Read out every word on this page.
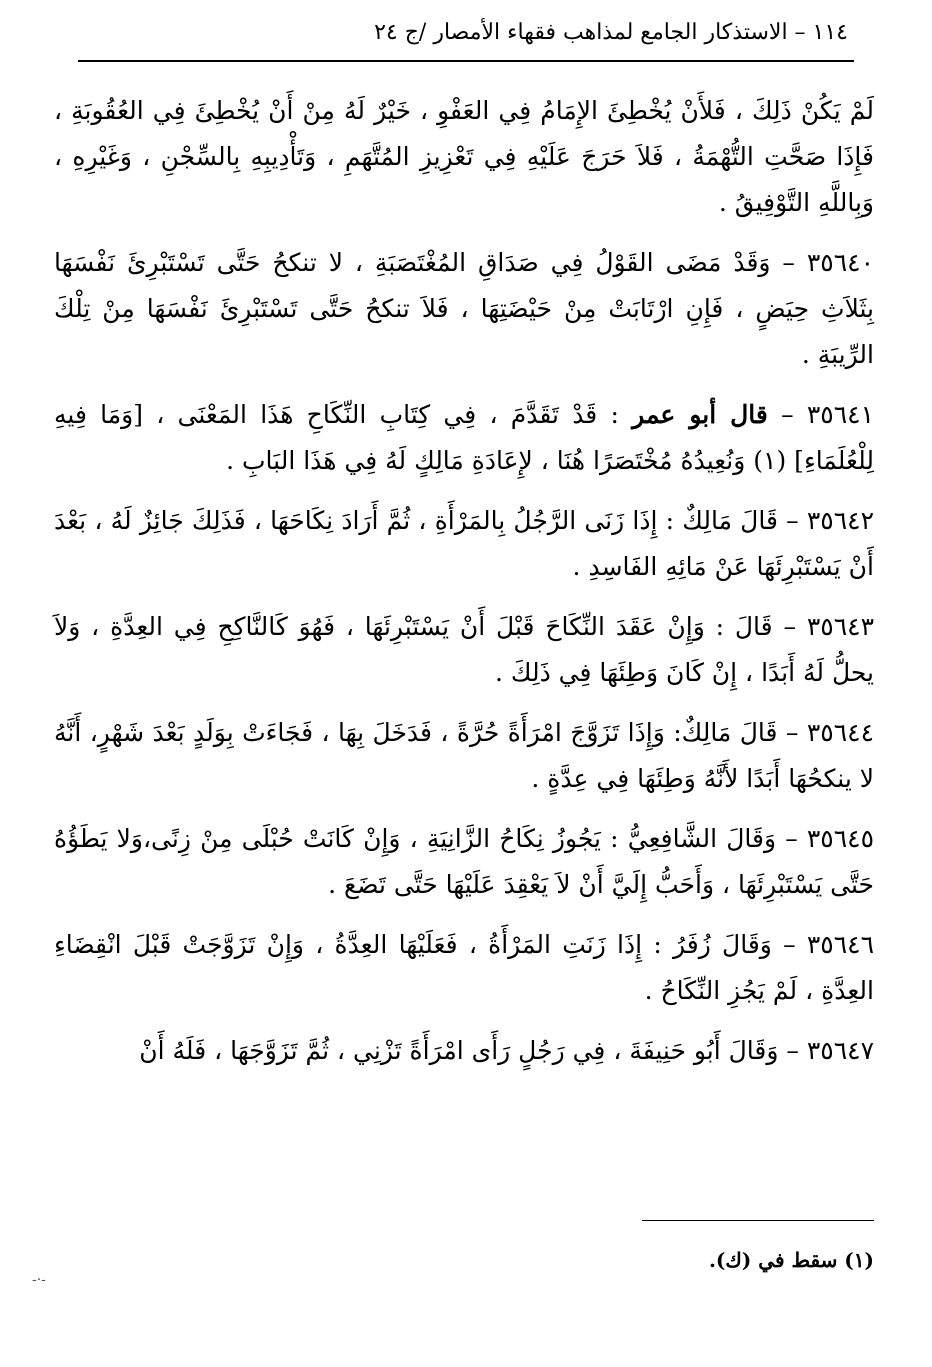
١١٤ – الاستذكار الجامع لمذاهب فقهاء الأمصار /ج ٢٤

لَمْ يَكُنْ ذَلِكَ ، فَلأَنْ يُخْطِئَ الإِمَامُ فِي العَفْوِ ، خَيْرٌ لَهُ مِنْ أَنْ يُخْطِئَ فِي العُقُوبَةِ ، فَإِذَا صَحَّتِ التُّهْمَةُ ، فَلاَ حَرَجَ عَلَيْهِ فِي تَعْزِيزِ المُتَّهَمِ ، وَتَأْدِيبِهِ بِالسِّجْنِ ، وَغَيْرِهِ ، وَبِاللَّهِ التَّوْفِيقُ .

٣٥٦٤٠ – وَقَدْ مَضَى القَوْلُ فِي صَدَاقِ المُغْتَصَبَةِ ، لا تنكحُ حَتَّى تَسْتَبْرِئَ نَفْسَهَا بِثَلاَثِ حِيَضٍ ، فَإِنِ ارْتَابَتْ مِنْ حَيْضَتِهَا ، فَلاَ تنكحُ حَتَّى تَسْتَبْرِئَ نَفْسَهَا مِنْ تِلْكَ الرِّيبَةِ .

٣٥٦٤١ – قال أبو عمر : قَدْ تَقَدَّمَ ، فِي كِتَابِ النِّكَاحِ هَذَا المَعْنَى ، [وَمَا فِيهِ لِلْعُلَمَاءِ] (١) وَنُعِيدُهُ مُخْتَصَرًا هُنَا ، لإِعَادَةِ مَالِكٍ لَهُ فِي هَذَا البَابِ .

٣٥٦٤٢ – قَالَ مَالِكٌ : إِذَا زَنَى الرَّجُلُ بِالمَرْأَةِ ، ثُمَّ أَرَادَ نِكَاحَهَا ، فَذَلِكَ جَائِزٌ لَهُ ، بَعْدَ أَنْ يَسْتَبْرِئَهَا عَنْ مَائِهِ الفَاسِدِ .

٣٥٦٤٣ – قَالَ : وَإِنْ عَقَدَ النِّكَاحَ قَبْلَ أَنْ يَسْتَبْرِئَهَا ، فَهُوَ كَالنَّاكِحِ فِي العِدَّةِ ، وَلاَ يحلُّ لَهُ أَبَدًا ، إِنْ كَانَ وَطِئَهَا فِي ذَلِكَ .

٣٥٦٤٤ – قَالَ مَالِكٌ: وَإِذَا تَزَوَّجَ امْرَأَةً حُرَّةً ، فَدَخَلَ بِهَا ، فَجَاءَتْ بِوَلَدٍ بَعْدَ شَهْرٍ، أَنَّهُ لا ينكحُهَا أَبَدًا لأَنَّهُ وَطِئَهَا فِي عِدَّةٍ .

٣٥٦٤٥ – وَقَالَ الشَّافِعِيُّ : يَجُوزُ نِكَاحُ الزَّانِيَةِ ، وَإِنْ كَانَتْ حُبْلَى مِنْ زِنًى،وَلا يَطَؤُهُ حَتَّى يَسْتَبْرِئَهَا ، وَأَحَبُّ إِلَيَّ أَنْ لاَ يَعْقِدَ عَلَيْهَا حَتَّى تَضَعَ .

٣٥٦٤٦ – وَقَالَ زُفَرُ : إِذَا زَنَتِ المَرْأَةُ ، فَعَلَيْهَا العِدَّةُ ، وَإِنْ تَزَوَّجَتْ قَبْلَ انْقِضَاءِ العِدَّةِ ، لَمْ يَجُزِ النِّكَاحُ .

٣٥٦٤٧ – وَقَالَ أَبُو حَنِيفَةَ ، فِي رَجُلٍ رَأَى امْرَأَةً تَزْنِي ، ثُمَّ تَزَوَّجَهَا ، فَلَهُ أَنْ

(١) سقط في (ك).
-·-
